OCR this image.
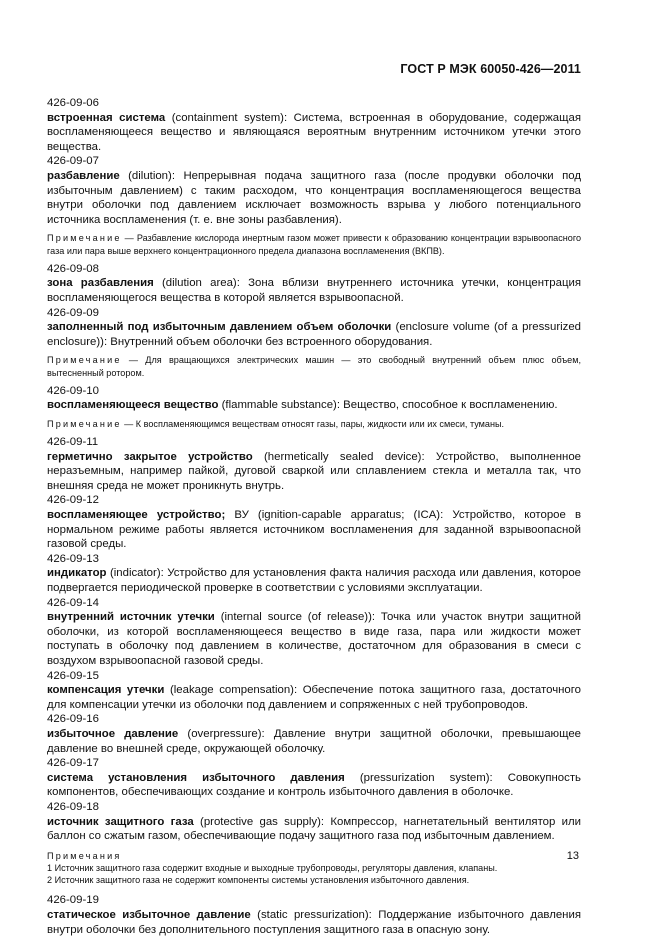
ГОСТ Р МЭК 60050-426—2011
426-09-06
встроенная система (containment system): Система, встроенная в оборудование, содержащая воспламеняющееся вещество и являющаяся вероятным внутренним источником утечки этого вещества.
426-09-07
разбавление (dilution): Непрерывная подача защитного газа (после продувки оболочки под избыточным давлением) с таким расходом, что концентрация воспламеняющегося вещества внутри оболочки под давлением исключает возможность взрыва у любого потенциального источника воспламенения (т. е. вне зоны разбавления).
Примечание — Разбавление кислорода инертным газом может привести к образованию концентрации взрывоопасного газа или пара выше верхнего концентрационного предела диапазона воспламенения (ВКПВ).
426-09-08
зона разбавления (dilution area): Зона вблизи внутреннего источника утечки, концентрация воспламеняющегося вещества в которой является взрывоопасной.
426-09-09
заполненный под избыточным давлением объем оболочки (enclosure volume (of a pressurized enclosure)): Внутренний объем оболочки без встроенного оборудования.
Примечание — Для вращающихся электрических машин — это свободный внутренний объем плюс объем, вытесненный ротором.
426-09-10
воспламеняющееся вещество (flammable substance): Вещество, способное к воспламенению.
Примечание — К воспламеняющимся веществам относят газы, пары, жидкости или их смеси, туманы.
426-09-11
герметично закрытое устройство (hermetically sealed device): Устройство, выполненное неразъемным, например пайкой, дуговой сваркой или сплавлением стекла и металла так, что внешняя среда не может проникнуть внутрь.
426-09-12
воспламеняющее устройство; ВУ (ignition-capable apparatus; (ICA): Устройство, которое в нормальном режиме работы является источником воспламенения для заданной взрывоопасной газовой среды.
426-09-13
индикатор (indicator): Устройство для установления факта наличия расхода или давления, которое подвергается периодической проверке в соответствии с условиями эксплуатации.
426-09-14
внутренний источник утечки (internal source (of release)): Точка или участок внутри защитной оболочки, из которой воспламеняющееся вещество в виде газа, пара или жидкости может поступать в оболочку под давлением в количестве, достаточном для образования в смеси с воздухом взрывоопасной газовой среды.
426-09-15
компенсация утечки (leakage compensation): Обеспечение потока защитного газа, достаточного для компенсации утечки из оболочки под давлением и сопряженных с ней трубопроводов.
426-09-16
избыточное давление (overpressure): Давление внутри защитной оболочки, превышающее давление во внешней среде, окружающей оболочку.
426-09-17
система установления избыточного давления (pressurization system): Совокупность компонентов, обеспечивающих создание и контроль избыточного давления в оболочке.
426-09-18
источник защитного газа (protective gas supply): Компрессор, нагнетательный вентилятор или баллон со сжатым газом, обеспечивающие подачу защитного газа под избыточным давлением.
Примечания
1 Источник защитного газа содержит входные и выходные трубопроводы, регуляторы давления, клапаны.
2 Источник защитного газа не содержит компоненты системы установления избыточного давления.
426-09-19
статическое избыточное давление (static pressurization): Поддержание избыточного давления внутри оболочки без дополнительного поступления защитного газа в опасную зону.
13
